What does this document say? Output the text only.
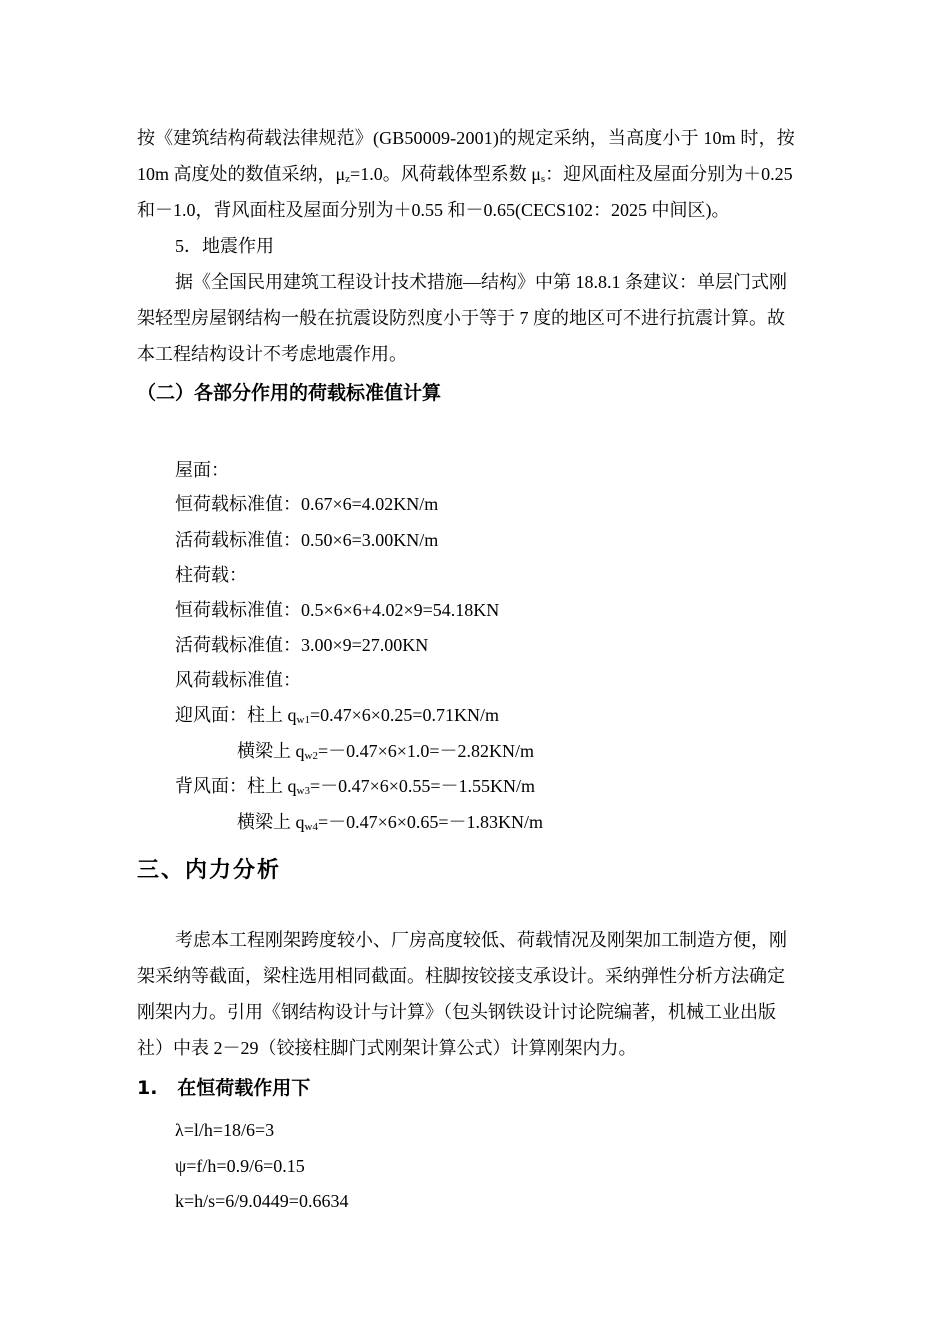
按《建筑结构荷载法律规范》(GB50009-2001)的规定采纳，当高度小于 10m 时，按
10m 高度处的数值采纳，$\mu_z=1.0$。风荷载体型系数 $\mu_s$：迎风面柱及屋面分别为＋0.25
和－1.0，背风面柱及屋面分别为＋0.55 和－0.65(CECS102：2025 中间区)。
5．地震作用
据《全国民用建筑工程设计技术措施—结构》中第 18.8.1 条建议：单层门式刚
架轻型房屋钢结构一般在抗震设防烈度小于等于 7 度的地区可不进行抗震计算。故
本工程结构设计不考虑地震作用。
（二）各部分作用的荷载标准值计算
屋面：
恒荷载标准值：0.67×6=4.02KN/m
活荷载标准值：0.50×6=3.00KN/m
柱荷载：
恒荷载标准值：0.5×6×6+4.02×9=54.18KN
活荷载标准值：3.00×9=27.00KN
风荷载标准值：
迎风面：柱上 $q_{w1}=0.47\times 6\times 0.25=0.71KN/m$
横梁上 $q_{w2}=-0.47\times 6\times 1.0=-2.82KN/m$
背风面：柱上 $q_{w3}=-0.47\times 6\times 0.55=-1.55KN/m$
横梁上 $q_{w4}=-0.47\times 6\times 0.65=-1.83KN/m$
三、内力分析
考虑本工程刚架跨度较小、厂房高度较低、荷载情况及刚架加工制造方便，刚
架采纳等截面，梁柱选用相同截面。柱脚按铰接支承设计。采纳弹性分析方法确定
刚架内力。引用《钢结构设计与计算》（包头钢铁设计讨论院编著，机械工业出版
社）中表 2－29（铰接柱脚门式刚架计算公式）计算刚架内力。
1.   在恒荷载作用下
λ=l/h=18/6=3
ψ=f/h=0.9/6=0.15
k=h/s=6/9.0449=0.6634
